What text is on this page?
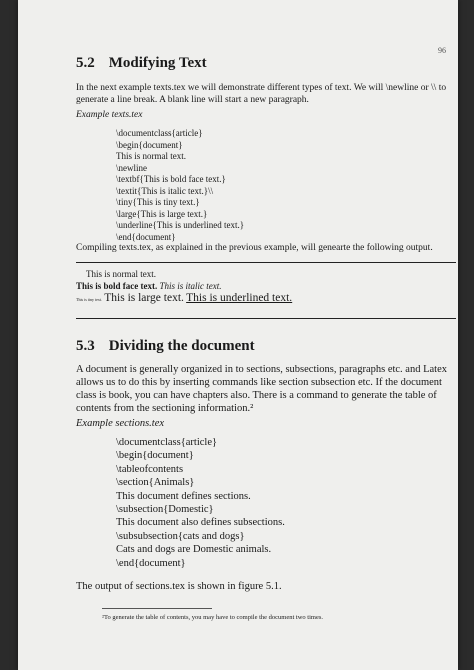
96
5.2 Modifying Text
In the next example texts.tex we will demonstrate different types of text. We will \newline or \\ to generate a line break. A blank line will start a new paragraph.
Example texts.tex
\documentclass{article}
\begin{document}
This is normal text.
\newline
\textbf{This is bold face text.}
\textit{This is italic text.}\\
\tiny{This is tiny text.}
\large{This is large text.}
\underline{This is underlined text.}
\end{document}
Compiling texts.tex, as explained in the previous example, will genearte the following output.
This is normal text.
This is bold face text. This is italic text.
This is tiny text. This is large text. This is underlined text.
5.3 Dividing the document
A document is generally organized in to sections, subsections, paragraphs etc. and Latex allows us to do this by inserting commands like section subsection etc. If the document class is book, you can have chapters also. There is a command to generate the table of contents from the sectioning information.²
Example sections.tex
\documentclass{article}
\begin{document}
\tableofcontents
\section{Animals}
This document defines sections.
\subsection{Domestic}
This document also defines subsections.
\subsubsection{cats and dogs}
Cats and dogs are Domestic animals.
\end{document}
The output of sections.tex is shown in figure 5.1.
²To generate the table of contents, you may have to compile the document two times.
